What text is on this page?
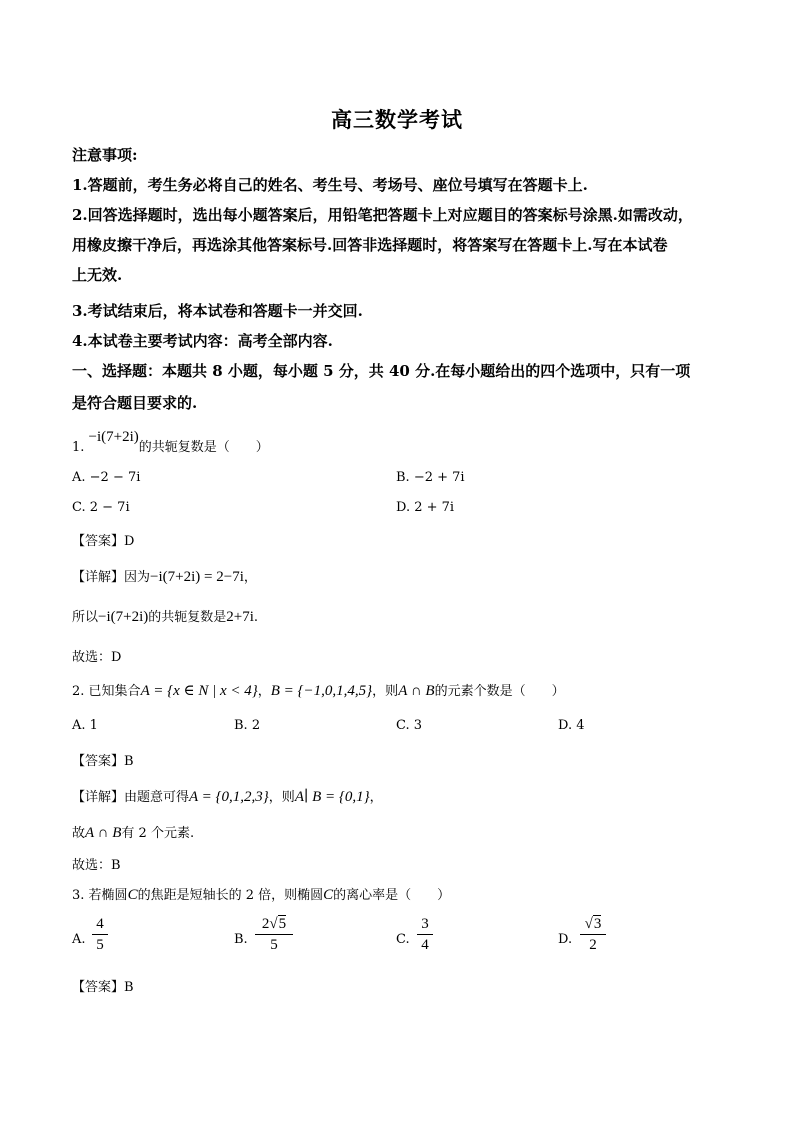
高三数学考试
注意事项:
1.答题前，考生务必将自己的姓名、考生号、考场号、座位号填写在答题卡上.
2.回答选择题时，选出每小题答案后，用铅笔把答题卡上对应题目的答案标号涂黑.如需改动，
用橡皮擦干净后，再选涂其他答案标号.回答非选择题时，将答案写在答题卡上.写在本试卷
上无效.
3.考试结束后，将本试卷和答题卡一并交回.
4.本试卷主要考试内容：高考全部内容.
一、选择题：本题共 8 小题，每小题 5 分，共 40 分.在每小题给出的四个选项中，只有一项
是符合题目要求的.
1. −i(7+2i)的共轭复数是（　　）
A. −2 − 7i	B. −2 + 7i
C. 2 − 7i	D. 2 + 7i
【答案】D
【详解】因为−i(7+2i) = 2−7i，
所以−i(7+2i)的共轭复数是2+7i.
故选：D
2. 已知集合A = {x ∈ N | x < 4}，B = {−1,0,1,4,5}，则A ∩ B的元素个数是（　　）
A. 1	B. 2	C. 3	D. 4
【答案】B
【详解】由题意可得A = {0,1,2,3}，则A∣ B = {0,1}，
故A ∩ B有 2 个元素.
故选：B
3. 若椭圆C的焦距是短轴长的 2 倍，则椭圆C的离心率是（　　）
A.
4
5	B.
2√5
5	C.
3
4	D.
√3
2
【答案】B
